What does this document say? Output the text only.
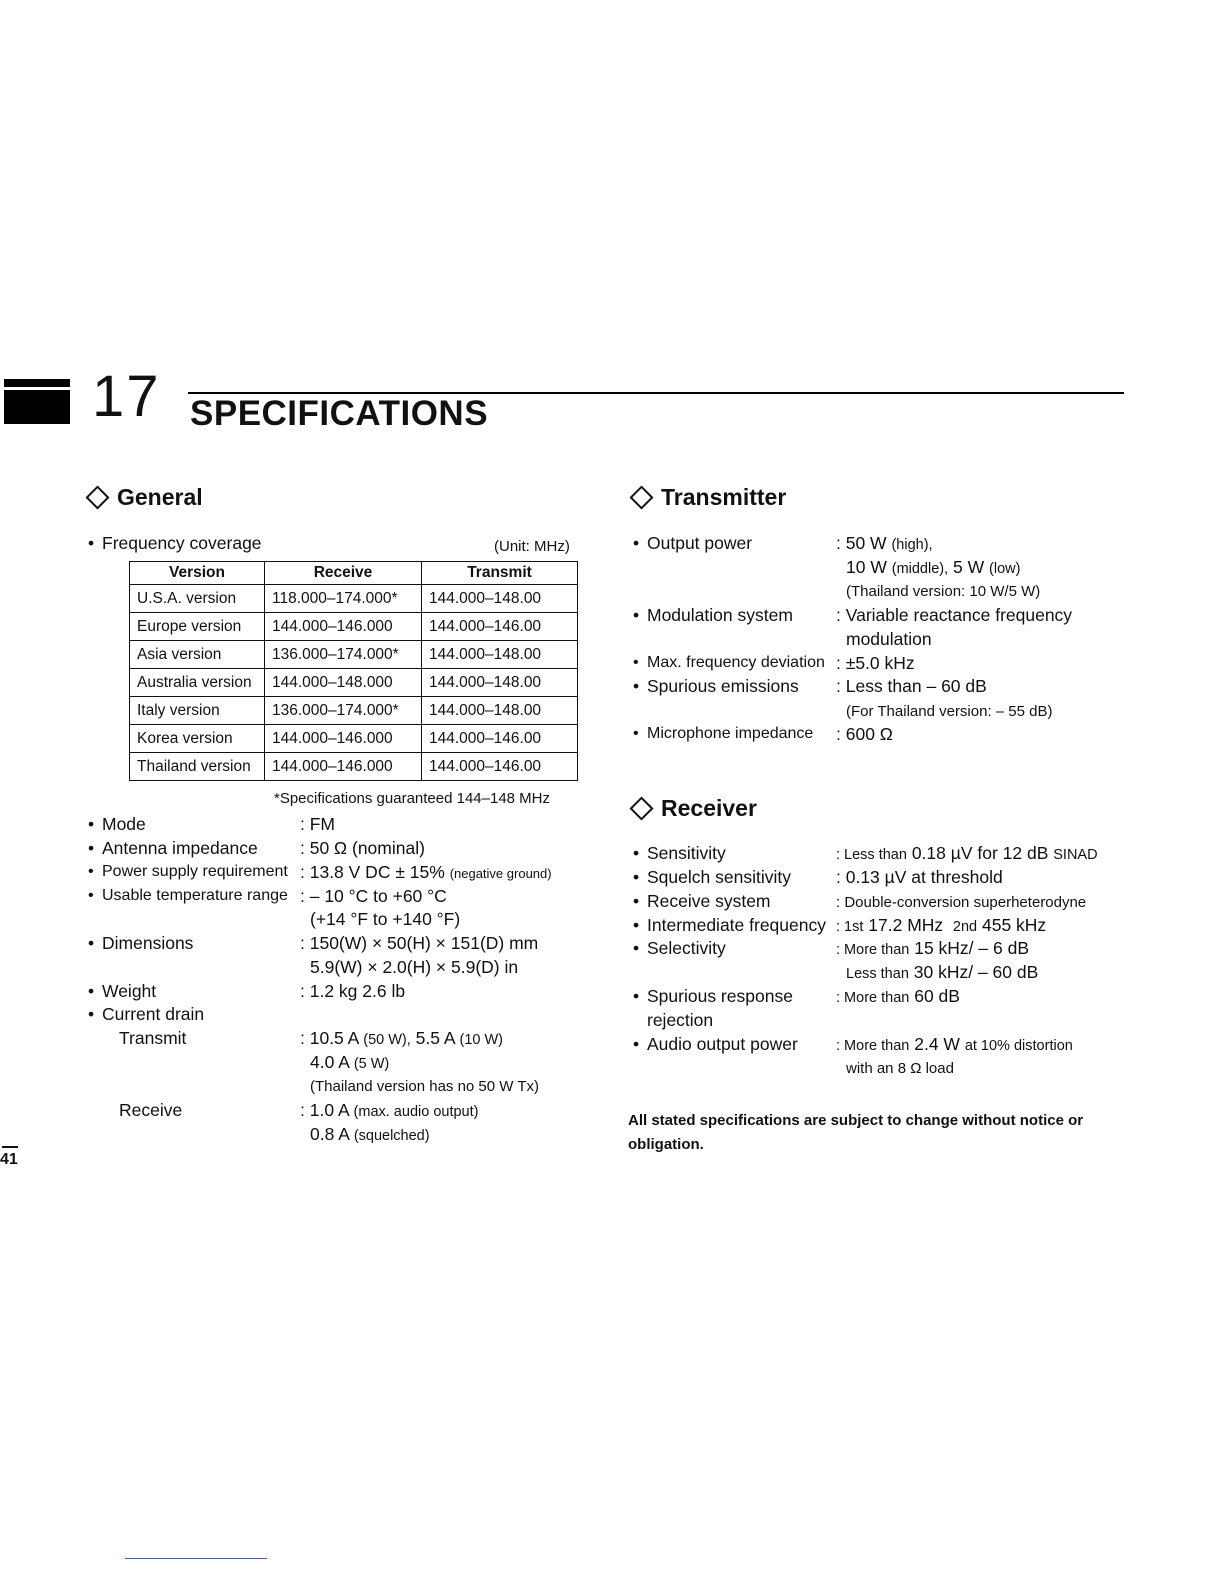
17 SPECIFICATIONS
General
• Frequency coverage	(Unit: MHz)
Version	Receive	Transmit
U.S.A. version	118.000–174.000*	144.000–148.00
Europe version	144.000–146.000	144.000–146.00
Asia version	136.000–174.000*	144.000–148.00
Australia version	144.000–148.000	144.000–148.00
Italy version	136.000–174.000*	144.000–148.00
Korea version	144.000–146.000	144.000–146.00
Thailand version	144.000–146.000	144.000–146.00
*Specifications guaranteed 144–148 MHz
• Mode	: FM
• Antenna impedance : 50 Ω (nominal)
• Power supply requirement : 13.8 V DC ± 15% (negative ground)
• Usable temperature range : – 10 °C to +60 °C
(+14 °F to +140 °F)
• Dimensions	: 150(W) × 50(H) × 151(D) mm
5.9(W) × 2.0(H) × 5.9(D) in
• Weight	: 1.2 kg 2.6 lb
• Current drain
Transmit	: 10.5 A (50 W), 5.5 A (10 W)
4.0 A (5 W)
(Thailand version has no 50 W Tx)
Receive	: 1.0 A (max. audio output)
0.8 A (squelched)
Transmitter
• Output power	: 50 W (high),
10 W (middle), 5 W (low)
(Thailand version: 10 W/5 W)
• Modulation system : Variable reactance frequency
modulation
• Max. frequency deviation : ±5.0 kHz
• Spurious emissions : Less than – 60 dB
(For Thailand version: – 55 dB)
• Microphone impedance : 600 Ω
Receiver
• Sensitivity	: Less than 0.18 µV for 12 dB SINAD
• Squelch sensitivity	: 0.13 µV at threshold
• Receive system	: Double-conversion superheterodyne
• Intermediate frequency : 1st 17.2 MHz 2nd 455 kHz
• Selectivity	: More than 15 kHz/ – 6 dB
Less than 30 kHz/ – 60 dB
• Spurious response
rejection
: More than 60 dB
• Audio output power	: More than 2.4 W at 10% distortion
with an 8 Ω load
All stated specifications are subject to change without notice or obligation.
41
